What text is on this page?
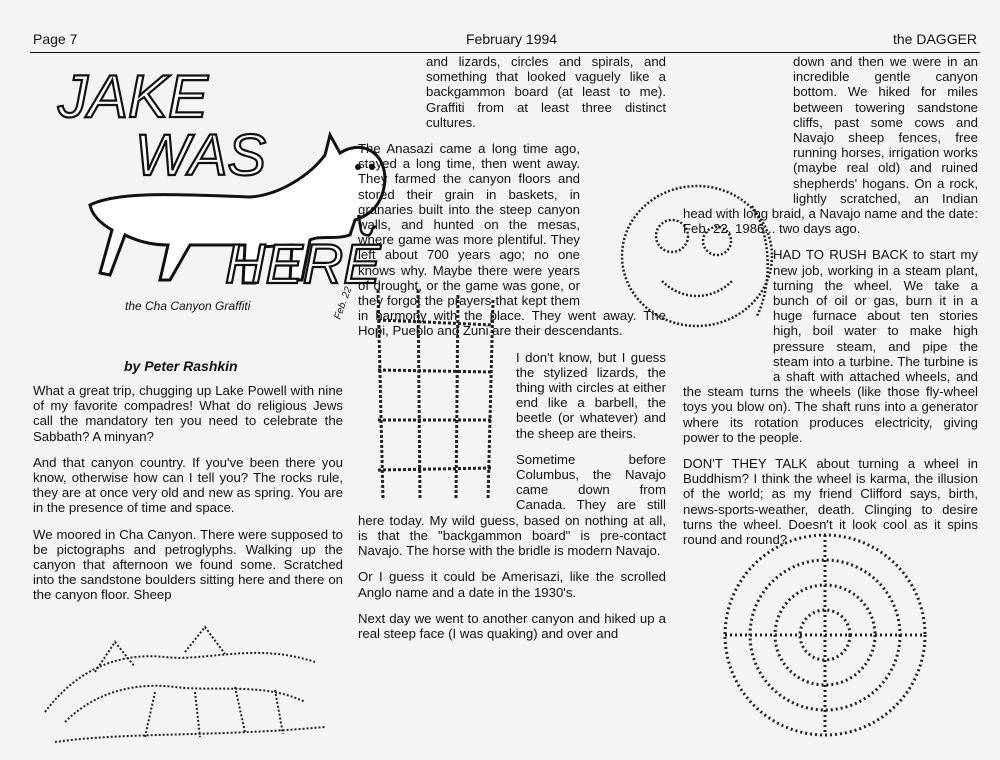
Page 7	February 1994	the DAGGER
JAKE
WAS
HERE
the Cha Canyon Graffiti	Feb. 22
by Peter Rashkin

What a great trip, chugging up Lake Powell with nine of my favorite compadres! What do religious Jews call the mandatory ten you need to celebrate the Sabbath? A minyan?

And that canyon country. If you've been there you know, otherwise how can I tell you? The rocks rule, they are at once very old and new as spring. You are in the presence of time and space.

We moored in Cha Canyon. There were supposed to be pictographs and petroglyphs. Walking up the canyon that afternoon we found some. Scratched into the sandstone boulders sitting here and there on the canyon floor. Sheep

and lizards, circles and spirals, and something that looked vaguely like a backgammon board (at least to me). Graffiti from at least three distinct cultures.

The Anasazi came a long time ago, stayed a long time, then went away. They farmed the canyon floors and stored their grain in baskets, in granaries built into the steep canyon walls, and hunted on the mesas, where game was more plentiful. They left about 700 years ago; no one knows why. Maybe there were years of drought, or the game was gone, or they forgot the prayers that kept them in harmony with the place. They went away. The Hopi, Pueblo and Zuni are their descendants.

I don't know, but I guess the stylized lizards, the thing with circles at either end like a barbell, the beetle (or whatever) and the sheep are theirs.

Sometime before Columbus, the Navajo came down from Canada. They are still here today. My wild guess, based on nothing at all, is that the "backgammon board" is pre-contact Navajo. The horse with the bridle is modern Navajo.

Or I guess it could be Amerisazi, like the scrolled Anglo name and a date in the 1930's.

Next day we went to another canyon and hiked up a real steep face (I was quaking) and over and

down and then we were in an incredible gentle canyon bottom. We hiked for miles between towering sandstone cliffs, past some cows and Navajo sheep fences, free running horses, irrigation works (maybe real old) and ruined shepherds' hogans. On a rock, lightly scratched, an Indian head with long braid, a Navajo name and the date: Feb. 22, 1986... two days ago.

HAD TO RUSH BACK to start my new job, working in a steam plant, turning the wheel. We take a bunch of oil or gas, burn it in a huge furnace about ten stories high, boil water to make high pressure steam, and pipe the steam into a turbine. The turbine is a shaft with attached wheels, and the steam turns the wheels (like those fly-wheel toys you blow on). The shaft runs into a generator where its rotation produces electricity, giving power to the people.

DON'T THEY TALK about turning a wheel in Buddhism? I think the wheel is karma, the illusion of the world; as my friend Clifford says, birth, news-sports-weather, death. Clinging to desire turns the wheel. Doesn't it look cool as it spins round and round?
